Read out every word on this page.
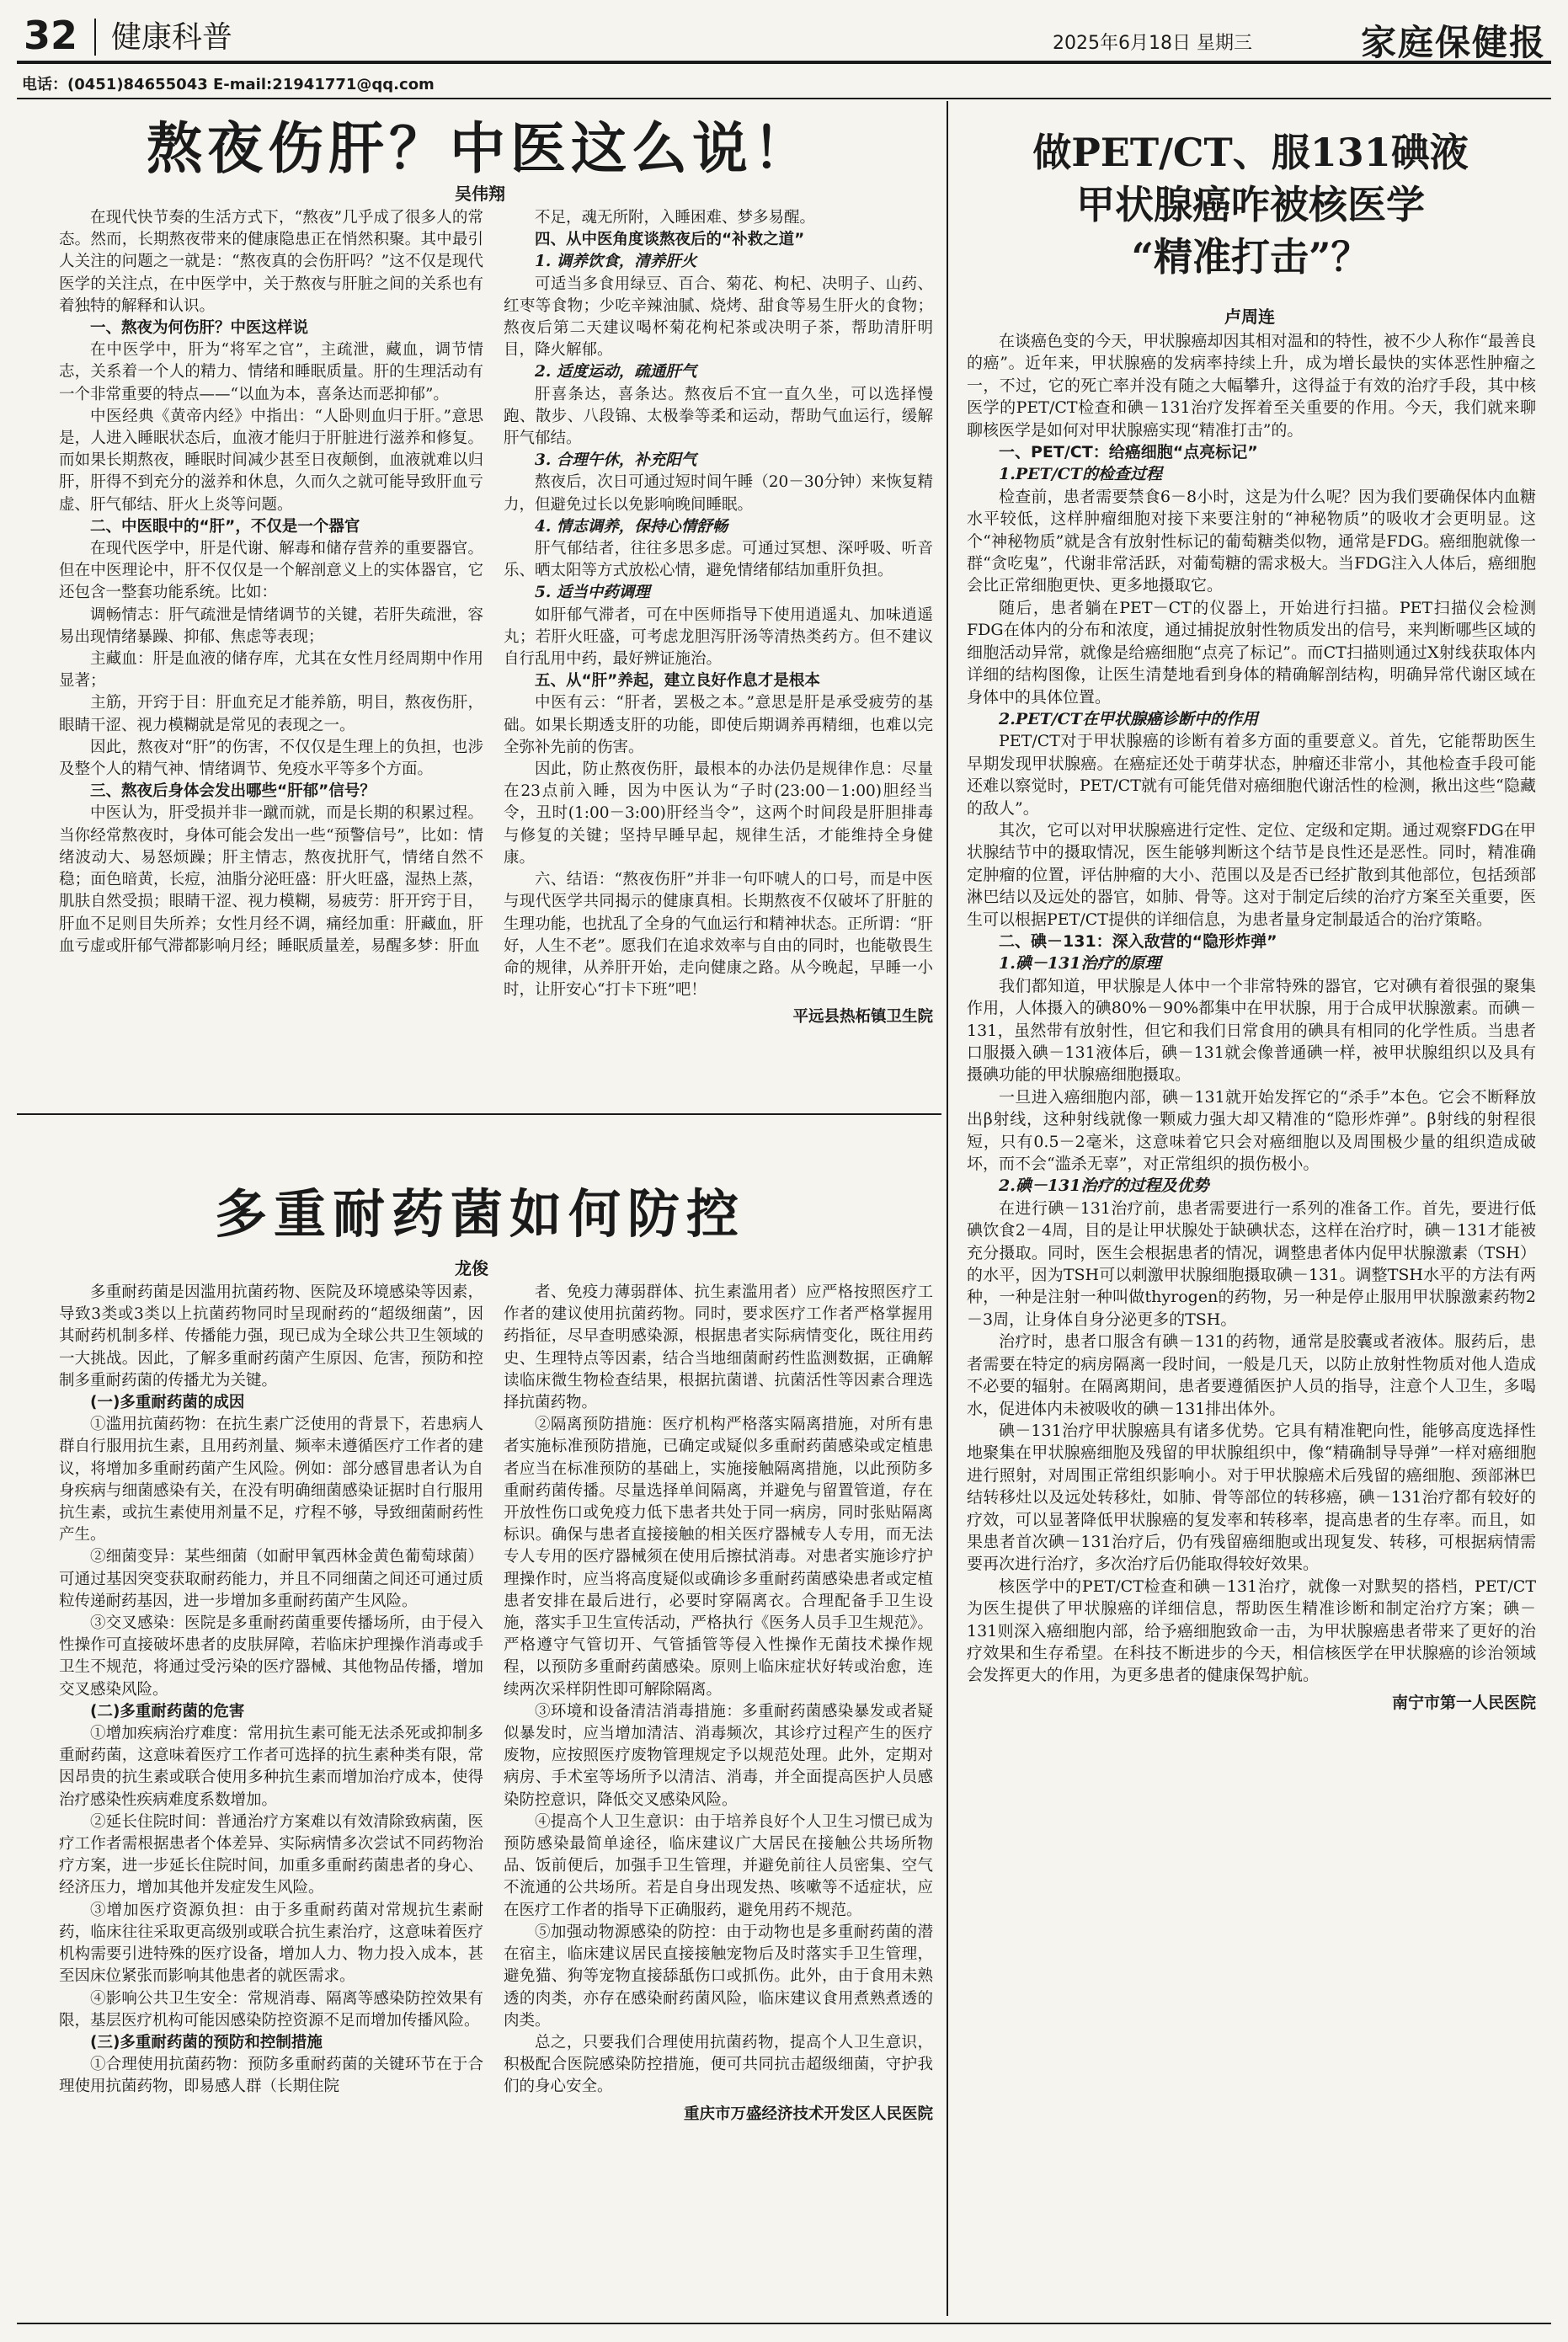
32 健康科普	2025年6月18日 星期三	家庭保健报
电话：(0451)84655043 E-mail:21941771@qq.com
熬夜伤肝？中医这么说！
吴伟翔

在现代快节奏的生活方式下，“熬夜”几乎成了很多人的常态。然而，长期熬夜带来的健康隐患正在悄然积聚。其中最引人关注的问题之一就是：“熬夜真的会伤肝吗？”这不仅是现代医学的关注点，在中医学中，关于熬夜与肝脏之间的关系也有着独特的解释和认识。

一、熬夜为何伤肝？中医这样说

在中医学中，肝为“将军之官”，主疏泄，藏血，调节情志，关系着一个人的精力、情绪和睡眠质量。肝的生理活动有一个非常重要的特点——“以血为本，喜条达而恶抑郁”。

中医经典《黄帝内经》中指出：“人卧则血归于肝。”意思是，人进入睡眠状态后，血液才能归于肝脏进行滋养和修复。而如果长期熬夜，睡眠时间减少甚至日夜颠倒，血液就难以归肝，肝得不到充分的滋养和休息，久而久之就可能导致肝血亏虚、肝气郁结、肝火上炎等问题。

二、中医眼中的“肝”，不仅是一个器官

在现代医学中，肝是代谢、解毒和储存营养的重要器官。但在中医理论中，肝不仅仅是一个解剖意义上的实体器官，它还包含一整套功能系统。比如：

调畅情志：肝气疏泄是情绪调节的关键，若肝失疏泄，容易出现情绪暴躁、抑郁、焦虑等表现；

主藏血：肝是血液的储存库，尤其在女性月经周期中作用显著；

主筋，开窍于目：肝血充足才能养筋，明目，熬夜伤肝，眼睛干涩、视力模糊就是常见的表现之一。

因此，熬夜对“肝”的伤害，不仅仅是生理上的负担，也涉及整个人的精气神、情绪调节、免疫水平等多个方面。

三、熬夜后身体会发出哪些“肝郁”信号？

中医认为，肝受损并非一蹴而就，而是长期的积累过程。当你经常熬夜时，身体可能会发出一些“预警信号”，比如：情绪波动大、易怒烦躁；肝主情志，熬夜扰肝气，情绪自然不稳；面色暗黄，长痘，油脂分泌旺盛：肝火旺盛，湿热上蒸，肌肤自然受损；眼睛干涩、视力模糊，易疲劳：肝开窍于目，肝血不足则目失所养；女性月经不调，痛经加重：肝藏血，肝血亏虚或肝郁气滞都影响月经；睡眠质量差，易醒多梦：肝血

不足，魂无所附，入睡困难、梦多易醒。

四、从中医角度谈熬夜后的“补救之道”

1. 调养饮食，清养肝火

可适当多食用绿豆、百合、菊花、枸杞、决明子、山药、红枣等食物；少吃辛辣油腻、烧烤、甜食等易生肝火的食物；熬夜后第二天建议喝杯菊花枸杞茶或决明子茶，帮助清肝明目，降火解郁。

2. 适度运动，疏通肝气

肝喜条达，喜条达。熬夜后不宜一直久坐，可以选择慢跑、散步、八段锦、太极拳等柔和运动，帮助气血运行，缓解肝气郁结。

3. 合理午休，补充阳气

熬夜后，次日可通过短时间午睡（20－30分钟）来恢复精力，但避免过长以免影响晚间睡眠。

4. 情志调养，保持心情舒畅

肝气郁结者，往往多思多虑。可通过冥想、深呼吸、听音乐、晒太阳等方式放松心情，避免情绪郁结加重肝负担。

5. 适当中药调理

如肝郁气滞者，可在中医师指导下使用逍遥丸、加味逍遥丸；若肝火旺盛，可考虑龙胆泻肝汤等清热类药方。但不建议自行乱用中药，最好辨证施治。

五、从“肝”养起，建立良好作息才是根本

中医有云：“肝者，罢极之本。”意思是肝是承受疲劳的基础。如果长期透支肝的功能，即使后期调养再精细，也难以完全弥补先前的伤害。

因此，防止熬夜伤肝，最根本的办法仍是规律作息：尽量在23点前入睡，因为中医认为“子时(23:00－1:00)胆经当令，丑时(1:00－3:00)肝经当令”，这两个时间段是肝胆排毒与修复的关键；坚持早睡早起，规律生活，才能维持全身健康。

六、结语：“熬夜伤肝”并非一句吓唬人的口号，而是中医与现代医学共同揭示的健康真相。长期熬夜不仅破坏了肝脏的生理功能，也扰乱了全身的气血运行和精神状态。正所谓：“肝好，人生不老”。愿我们在追求效率与自由的同时，也能敬畏生命的规律，从养肝开始，走向健康之路。从今晚起，早睡一小时，让肝安心“打卡下班”吧！

平远县热柘镇卫生院

多重耐药菌如何防控
龙俊

多重耐药菌是因滥用抗菌药物、医院及环境感染等因素，导致3类或3类以上抗菌药物同时呈现耐药的“超级细菌”，因其耐药机制多样、传播能力强，现已成为全球公共卫生领域的一大挑战。因此，了解多重耐药菌产生原因、危害，预防和控制多重耐药菌的传播尤为关键。

(一)多重耐药菌的成因

①滥用抗菌药物：在抗生素广泛使用的背景下，若患病人群自行服用抗生素，且用药剂量、频率未遵循医疗工作者的建议，将增加多重耐药菌产生风险。例如：部分感冒患者认为自身疾病与细菌感染有关，在没有明确细菌感染证据时自行服用抗生素，或抗生素使用剂量不足，疗程不够，导致细菌耐药性产生。

②细菌变异：某些细菌（如耐甲氧西林金黄色葡萄球菌）可通过基因突变获取耐药能力，并且不同细菌之间还可通过质粒传递耐药基因，进一步增加多重耐药菌产生风险。

③交叉感染：医院是多重耐药菌重要传播场所，由于侵入性操作可直接破坏患者的皮肤屏障，若临床护理操作消毒或手卫生不规范，将通过受污染的医疗器械、其他物品传播，增加交叉感染风险。

(二)多重耐药菌的危害

①增加疾病治疗难度：常用抗生素可能无法杀死或抑制多重耐药菌，这意味着医疗工作者可选择的抗生素种类有限，常因昂贵的抗生素或联合使用多种抗生素而增加治疗成本，使得治疗感染性疾病难度系数增加。

②延长住院时间：普通治疗方案难以有效清除致病菌，医疗工作者需根据患者个体差异、实际病情多次尝试不同药物治疗方案，进一步延长住院时间，加重多重耐药菌患者的身心、经济压力，增加其他并发症发生风险。

③增加医疗资源负担：由于多重耐药菌对常规抗生素耐药，临床往往采取更高级别或联合抗生素治疗，这意味着医疗机构需要引进特殊的医疗设备，增加人力、物力投入成本，甚至因床位紧张而影响其他患者的就医需求。

④影响公共卫生安全：常规消毒、隔离等感染防控效果有限，基层医疗机构可能因感染防控资源不足而增加传播风险。

(三)多重耐药菌的预防和控制措施

①合理使用抗菌药物：预防多重耐药菌的关键环节在于合理使用抗菌药物，即易感人群（长期住院

者、免疫力薄弱群体、抗生素滥用者）应严格按照医疗工作者的建议使用抗菌药物。同时，要求医疗工作者严格掌握用药指征，尽早查明感染源，根据患者实际病情变化，既往用药史、生理特点等因素，结合当地细菌耐药性监测数据，正确解读临床微生物检查结果，根据抗菌谱、抗菌活性等因素合理选择抗菌药物。

②隔离预防措施：医疗机构严格落实隔离措施，对所有患者实施标准预防措施，已确定或疑似多重耐药菌感染或定植患者应当在标准预防的基础上，实施接触隔离措施，以此预防多重耐药菌传播。尽量选择单间隔离，并避免与留置管道，存在开放性伤口或免疫力低下患者共处于同一病房，同时张贴隔离标识。确保与患者直接接触的相关医疗器械专人专用，而无法专人专用的医疗器械须在使用后擦拭消毒。对患者实施诊疗护理操作时，应当将高度疑似或确诊多重耐药菌感染患者或定植患者安排在最后进行，必要时穿隔离衣。合理配备手卫生设施，落实手卫生宣传活动，严格执行《医务人员手卫生规范》。严格遵守气管切开、气管插管等侵入性操作无菌技术操作规程，以预防多重耐药菌感染。原则上临床症状好转或治愈，连续两次采样阴性即可解除隔离。

③环境和设备清洁消毒措施：多重耐药菌感染暴发或者疑似暴发时，应当增加清洁、消毒频次，其诊疗过程产生的医疗废物，应按照医疗废物管理规定予以规范处理。此外，定期对病房、手术室等场所予以清洁、消毒，并全面提高医护人员感染防控意识，降低交叉感染风险。

④提高个人卫生意识：由于培养良好个人卫生习惯已成为预防感染最简单途径，临床建议广大居民在接触公共场所物品、饭前便后，加强手卫生管理，并避免前往人员密集、空气不流通的公共场所。若是自身出现发热、咳嗽等不适症状，应在医疗工作者的指导下正确服药，避免用药不规范。

⑤加强动物源感染的防控：由于动物也是多重耐药菌的潜在宿主，临床建议居民直接接触宠物后及时落实手卫生管理，避免猫、狗等宠物直接舔舐伤口或抓伤。此外，由于食用未熟透的肉类，亦存在感染耐药菌风险，临床建议食用煮熟煮透的肉类。

总之，只要我们合理使用抗菌药物，提高个人卫生意识，积极配合医院感染防控措施，便可共同抗击超级细菌，守护我们的身心安全。

重庆市万盛经济技术开发区人民医院

做PET/CT、服131碘液
甲状腺癌咋被核医学
“精准打击”？
卢周连

在谈癌色变的今天，甲状腺癌却因其相对温和的特性，被不少人称作“最善良的癌”。近年来，甲状腺癌的发病率持续上升，成为增长最快的实体恶性肿瘤之一，不过，它的死亡率并没有随之大幅攀升，这得益于有效的治疗手段，其中核医学的PET/CT检查和碘－131治疗发挥着至关重要的作用。今天，我们就来聊聊核医学是如何对甲状腺癌实现“精准打击”的。

一、PET/CT：给癌细胞“点亮标记”

1.PET/CT的检查过程

检查前，患者需要禁食6－8小时，这是为什么呢？因为我们要确保体内血糖水平较低，这样肿瘤细胞对接下来要注射的“神秘物质”的吸收才会更明显。这个“神秘物质”就是含有放射性标记的葡萄糖类似物，通常是FDG。癌细胞就像一群“贪吃鬼”，代谢非常活跃，对葡萄糖的需求极大。当FDG注入人体后，癌细胞会比正常细胞更快、更多地摄取它。

随后，患者躺在PET－CT的仪器上，开始进行扫描。PET扫描仪会检测FDG在体内的分布和浓度，通过捕捉放射性物质发出的信号，来判断哪些区域的细胞活动异常，就像是给癌细胞“点亮了标记”。而CT扫描则通过X射线获取体内详细的结构图像，让医生清楚地看到身体的精确解剖结构，明确异常代谢区域在身体中的具体位置。

2.PET/CT在甲状腺癌诊断中的作用

PET/CT对于甲状腺癌的诊断有着多方面的重要意义。首先，它能帮助医生早期发现甲状腺癌。在癌症还处于萌芽状态，肿瘤还非常小，其他检查手段可能还难以察觉时，PET/CT就有可能凭借对癌细胞代谢活性的检测，揪出这些“隐藏的敌人”。

其次，它可以对甲状腺癌进行定性、定位、定级和定期。通过观察FDG在甲状腺结节中的摄取情况，医生能够判断这个结节是良性还是恶性。同时，精准确定肿瘤的位置，评估肿瘤的大小、范围以及是否已经扩散到其他部位，包括颈部淋巴结以及远处的器官，如肺、骨等。这对于制定后续的治疗方案至关重要，医生可以根据PET/CT提供的详细信息，为患者量身定制最适合的治疗策略。

二、碘－131：深入敌营的“隐形炸弹”

1.碘－131治疗的原理

我们都知道，甲状腺是人体中一个非常特殊的器官，它对碘有着很强的聚集作用，人体摄入的碘80%－90%都集中在甲状腺，用于合成甲状腺激素。而碘－131，虽然带有放射性，但它和我们日常食用的碘具有相同的化学性质。当患者口服摄入碘－131液体后，碘－131就会像普通碘一样，被甲状腺组织以及具有摄碘功能的甲状腺癌细胞摄取。

一旦进入癌细胞内部，碘－131就开始发挥它的“杀手”本色。它会不断释放出β射线，这种射线就像一颗威力强大却又精准的“隐形炸弹”。β射线的射程很短，只有0.5－2毫米，这意味着它只会对癌细胞以及周围极少量的组织造成破坏，而不会“滥杀无辜”，对正常组织的损伤极小。

2.碘－131治疗的过程及优势

在进行碘－131治疗前，患者需要进行一系列的准备工作。首先，要进行低碘饮食2－4周，目的是让甲状腺处于缺碘状态，这样在治疗时，碘－131才能被充分摄取。同时，医生会根据患者的情况，调整患者体内促甲状腺激素（TSH）的水平，因为TSH可以刺激甲状腺细胞摄取碘－131。调整TSH水平的方法有两种，一种是注射一种叫做thyrogen的药物，另一种是停止服用甲状腺激素药物2－3周，让身体自身分泌更多的TSH。

治疗时，患者口服含有碘－131的药物，通常是胶囊或者液体。服药后，患者需要在特定的病房隔离一段时间，一般是几天，以防止放射性物质对他人造成不必要的辐射。在隔离期间，患者要遵循医护人员的指导，注意个人卫生，多喝水，促进体内未被吸收的碘－131排出体外。

碘－131治疗甲状腺癌具有诸多优势。它具有精准靶向性，能够高度选择性地聚集在甲状腺癌细胞及残留的甲状腺组织中，像“精确制导导弹”一样对癌细胞进行照射，对周围正常组织影响小。对于甲状腺癌术后残留的癌细胞、颈部淋巴结转移灶以及远处转移灶，如肺、骨等部位的转移癌，碘－131治疗都有较好的疗效，可以显著降低甲状腺癌的复发率和转移率，提高患者的生存率。而且，如果患者首次碘－131治疗后，仍有残留癌细胞或出现复发、转移，可根据病情需要再次进行治疗，多次治疗后仍能取得较好效果。

核医学中的PET/CT检查和碘－131治疗，就像一对默契的搭档，PET/CT为医生提供了甲状腺癌的详细信息，帮助医生精准诊断和制定治疗方案；碘－131则深入癌细胞内部，给予癌细胞致命一击，为甲状腺癌患者带来了更好的治疗效果和生存希望。在科技不断进步的今天，相信核医学在甲状腺癌的诊治领域会发挥更大的作用，为更多患者的健康保驾护航。

南宁市第一人民医院
